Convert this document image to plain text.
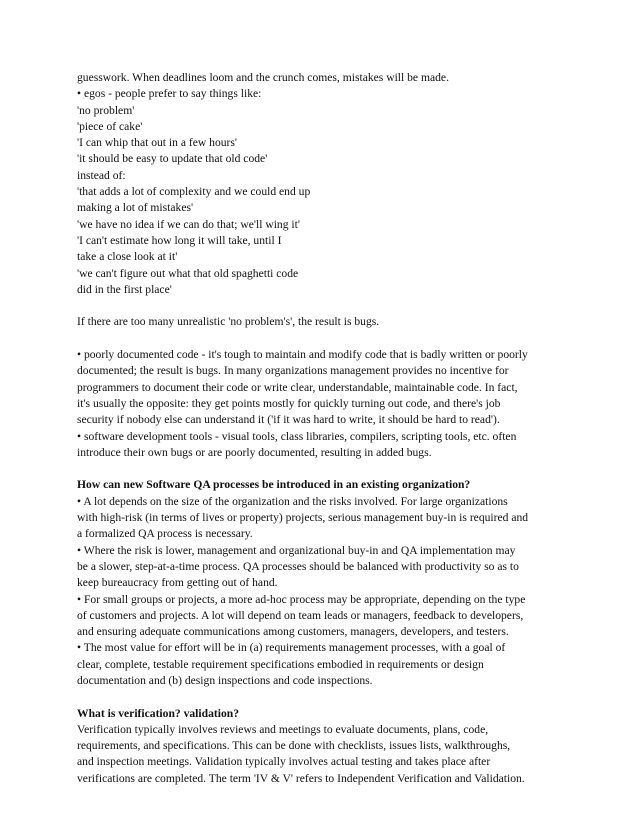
guesswork. When deadlines loom and the crunch comes, mistakes will be made.
• egos - people prefer to say things like:
'no problem'
'piece of cake'
'I can whip that out in a few hours'
'it should be easy to update that old code'
instead of:
'that adds a lot of complexity and we could end up
making a lot of mistakes'
'we have no idea if we can do that; we'll wing it'
'I can't estimate how long it will take, until I
take a close look at it'
'we can't figure out what that old spaghetti code
did in the first place'
If there are too many unrealistic 'no problem's', the result is bugs.
• poorly documented code - it's tough to maintain and modify code that is badly written or poorly
documented; the result is bugs. In many organizations management provides no incentive for
programmers to document their code or write clear, understandable, maintainable code. In fact,
it's usually the opposite: they get points mostly for quickly turning out code, and there's job
security if nobody else can understand it ('if it was hard to write, it should be hard to read').
• software development tools - visual tools, class libraries, compilers, scripting tools, etc. often
introduce their own bugs or are poorly documented, resulting in added bugs.
How can new Software QA processes be introduced in an existing organization?
• A lot depends on the size of the organization and the risks involved. For large organizations
with high-risk (in terms of lives or property) projects, serious management buy-in is required and
a formalized QA process is necessary.
• Where the risk is lower, management and organizational buy-in and QA implementation may
be a slower, step-at-a-time process. QA processes should be balanced with productivity so as to
keep bureaucracy from getting out of hand.
• For small groups or projects, a more ad-hoc process may be appropriate, depending on the type
of customers and projects. A lot will depend on team leads or managers, feedback to developers,
and ensuring adequate communications among customers, managers, developers, and testers.
• The most value for effort will be in (a) requirements management processes, with a goal of
clear, complete, testable requirement specifications embodied in requirements or design
documentation and (b) design inspections and code inspections.
What is verification? validation?
Verification typically involves reviews and meetings to evaluate documents, plans, code,
requirements, and specifications. This can be done with checklists, issues lists, walkthroughs,
and inspection meetings. Validation typically involves actual testing and takes place after
verifications are completed. The term 'IV & V' refers to Independent Verification and Validation.
